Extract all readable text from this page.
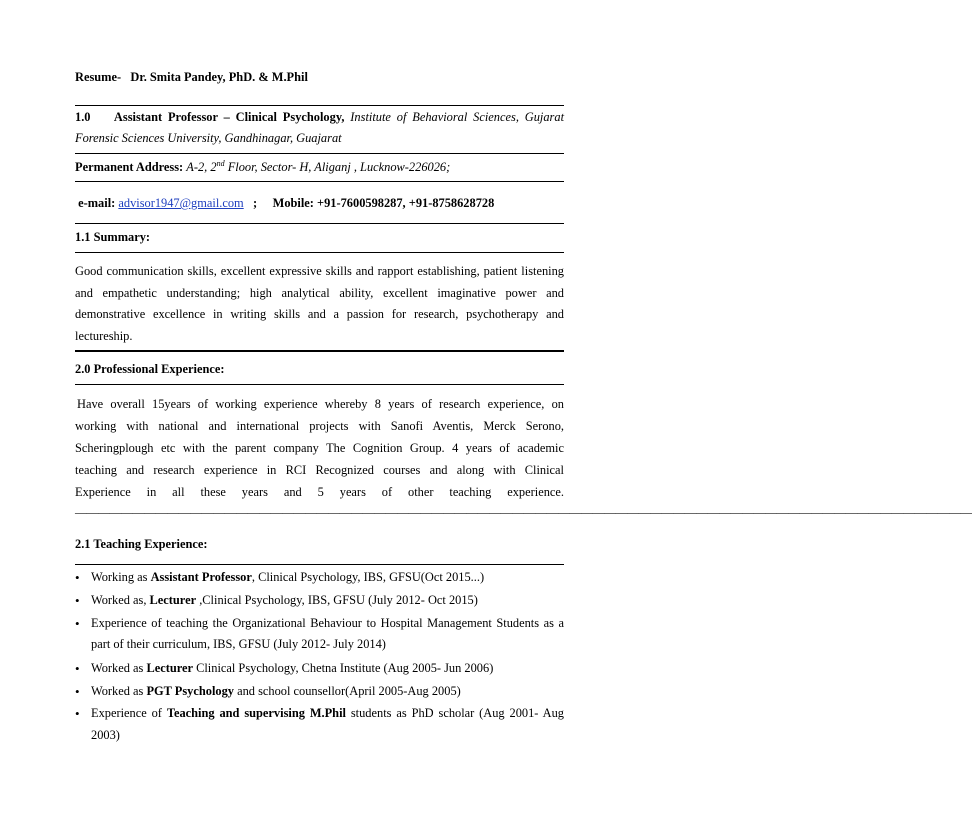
Resume- Dr. Smita Pandey, PhD. & M.Phil
1.0 Assistant Professor – Clinical Psychology, Institute of Behavioral Sciences, Gujarat
Forensic Sciences University, Gandhinagar, Guajarat
Permanent Address: A-2, 2nd Floor, Sector- H, Aliganj , Lucknow-226026;
e-mail: advisor1947@gmail.com ; Mobile: +91-7600598287, +91-8758628728
1.1 Summary:
Good communication skills, excellent expressive skills and rapport establishing, patient listening
and empathetic understanding; high analytical ability, excellent imaginative power and
demonstrative excellence in writing skills and a passion for research, psychotherapy and
lectureship.
2.0 Professional Experience:
Have overall 15years of working experience whereby 8 years of research experience, on
working with national and international projects with Sanofi Aventis, Merck Serono,
Scheringplough etc with the parent company The Cognition Group. 4 years of academic
teaching and research experience in RCI Recognized courses and along with Clinical
Experience in all these years and 5 years of other teaching experience.
——————————————————————————————————————————————————————————————————————————————
2.1 Teaching Experience:
•
Working as Assistant Professor, Clinical Psychology, IBS, GFSU(Oct 2015...)
•
Worked as, Lecturer ,Clinical Psychology, IBS, GFSU (July 2012- Oct 2015)
•
Experience of teaching the Organizational Behaviour to Hospital Management Students as a
part of their curriculum, IBS, GFSU (July 2012- July 2014)
•
Worked as Lecturer Clinical Psychology, Chetna Institute (Aug 2005- Jun 2006)
•
Worked as PGT Psychology and school counsellor(April 2005-Aug 2005)
•
Experience of Teaching and supervising M.Phil students as PhD scholar (Aug 2001- Aug
2003)
